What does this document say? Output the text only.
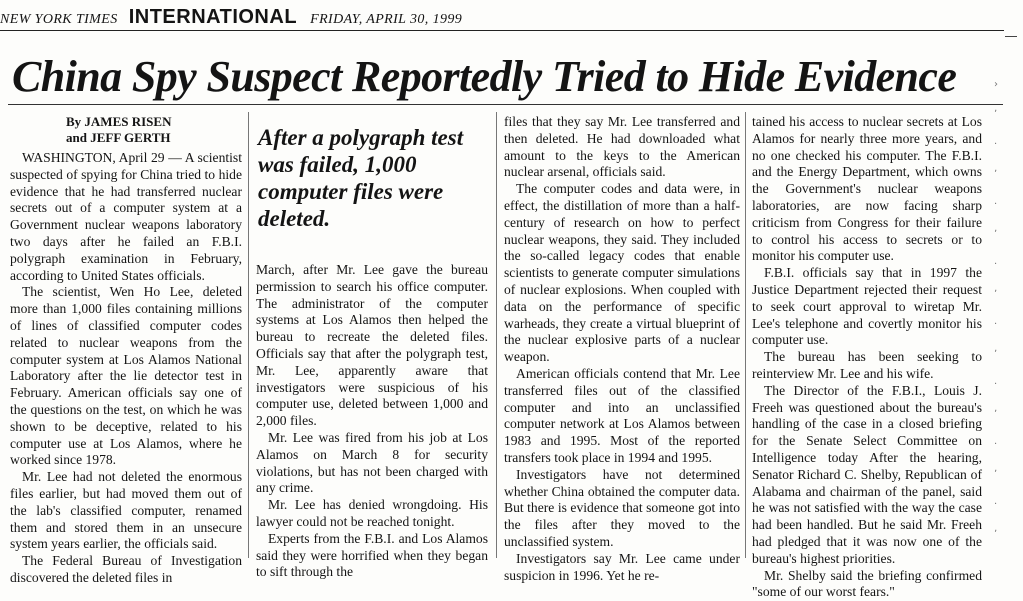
NEW YORK TIMES INTERNATIONAL FRIDAY, APRIL 30, 1999
China Spy Suspect Reportedly Tried to Hide Evidence
By JAMES RISEN
and JEFF GERTH

WASHINGTON, April 29 — A scientist suspected of spying for China tried to hide evidence that he had transferred nuclear secrets out of a computer system at a Government nuclear weapons laboratory two days after he failed an F.B.I. polygraph examination in February, according to United States officials.

The scientist, Wen Ho Lee, deleted more than 1,000 files containing millions of lines of classified computer codes related to nuclear weapons from the computer system at Los Alamos National Laboratory after the lie detector test in February. American officials say one of the questions on the test, on which he was shown to be deceptive, related to his computer use at Los Alamos, where he worked since 1978.

Mr. Lee had not deleted the enormous files earlier, but had moved them out of the lab's classified computer, renamed them and stored them in an unsecure system years earlier, the officials said.

The Federal Bureau of Investigation discovered the deleted files in

After a polygraph test was failed, 1,000 computer files were deleted.

March, after Mr. Lee gave the bureau permission to search his office computer. The administrator of the computer systems at Los Alamos then helped the bureau to recreate the deleted files. Officials say that after the polygraph test, Mr. Lee, apparently aware that investigators were suspicious of his computer use, deleted between 1,000 and 2,000 files.

Mr. Lee was fired from his job at Los Alamos on March 8 for security violations, but has not been charged with any crime.

Mr. Lee has denied wrongdoing. His lawyer could not be reached tonight.

Experts from the F.B.I. and Los Alamos said they were horrified when they began to sift through the

files that they say Mr. Lee transferred and then deleted. He had downloaded what amount to the keys to the American nuclear arsenal, officials said.

The computer codes and data were, in effect, the distillation of more than a half-century of research on how to perfect nuclear weapons, they said. They included the so-called legacy codes that enable scientists to generate computer simulations of nuclear explosions. When coupled with data on the performance of specific warheads, they create a virtual blueprint of the nuclear explosive parts of a nuclear weapon.

American officials contend that Mr. Lee transferred files out of the classified computer and into an unclassified computer network at Los Alamos between 1983 and 1995. Most of the reported transfers took place in 1994 and 1995.

Investigators have not determined whether China obtained the computer data. But there is evidence that someone got into the files after they moved to the unclassified system.

Investigators say Mr. Lee came under suspicion in 1996. Yet he re-

tained his access to nuclear secrets at Los Alamos for nearly three more years, and no one checked his computer. The F.B.I. and the Energy Department, which owns the Government's nuclear weapons laboratories, are now facing sharp criticism from Congress for their failure to control his access to secrets or to monitor his computer use.

F.B.I. officials say that in 1997 the Justice Department rejected their request to seek court approval to wiretap Mr. Lee's telephone and covertly monitor his computer use.

The bureau has been seeking to reinterview Mr. Lee and his wife.

The Director of the F.B.I., Louis J. Freeh was questioned about the bureau's handling of the case in a closed briefing for the Senate Select Committee on Intelligence today After the hearing, Senator Richard C. Shelby, Republican of Alabama and chairman of the panel, said he was not satisfied with the way the case had been handled. But he said Mr. Freeh had pledged that it was now one of the bureau's highest priorities.

Mr. Shelby said the briefing confirmed "some of our worst fears."

›
ʼ
·
ʼ
·
ʼ
·
ʼ
·
ʼ
·
ʼ
·
ʼ
·
ʼ
